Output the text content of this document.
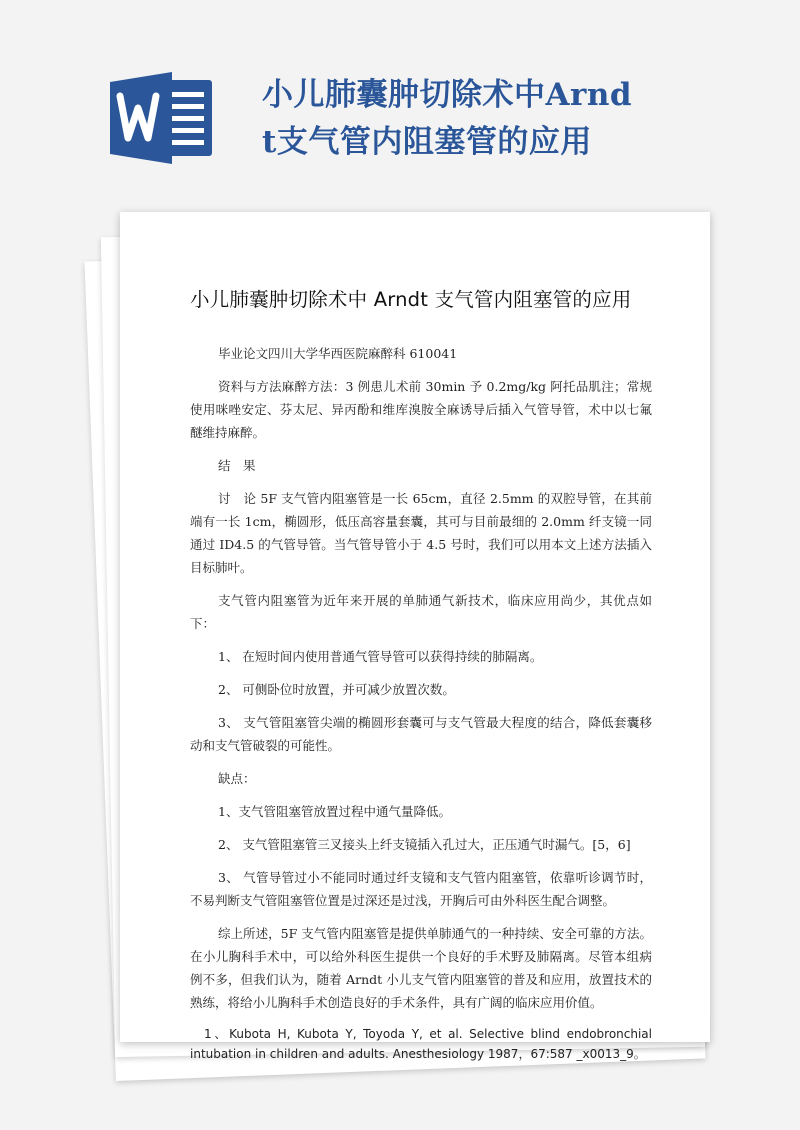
小儿肺囊肿切除术中Arndt支气管内阻塞管的应用
小儿肺囊肿切除术中 Arndt 支气管内阻塞管的应用
毕业论文四川大学华西医院麻醉科 610041
资料与方法麻醉方法：3 例患儿术前 30min 予 0.2mg/kg 阿托品肌注；常规使用咪唑安定、芬太尼、异丙酚和维库溴胺全麻诱导后插入气管导管，术中以七氟醚维持麻醉。
结　果
讨　论 5F 支气管内阻塞管是一长 65cm，直径 2.5mm 的双腔导管，在其前端有一长 1cm，椭圆形，低压高容量套囊，其可与目前最细的 2.0mm 纤支镜一同通过 ID4.5 的气管导管。当气管导管小于 4.5 号时，我们可以用本文上述方法插入目标肺叶。
支气管内阻塞管为近年来开展的单肺通气新技术，临床应用尚少，其优点如下：
1、 在短时间内使用普通气管导管可以获得持续的肺隔离。
2、 可侧卧位时放置，并可减少放置次数。
3、 支气管阻塞管尖端的椭圆形套囊可与支气管最大程度的结合，降低套囊移动和支气管破裂的可能性。
缺点：
1、支气管阻塞管放置过程中通气量降低。
2、 支气管阻塞管三叉接头上纤支镜插入孔过大，正压通气时漏气。[5，6]
3、 气管导管过小不能同时通过纤支镜和支气管内阻塞管，依靠听诊调节时，不易判断支气管阻塞管位置是过深还是过浅，开胸后可由外科医生配合调整。
综上所述，5F 支气管内阻塞管是提供单肺通气的一种持续、安全可靠的方法。在小儿胸科手术中，可以给外科医生提供一个良好的手术野及肺隔离。尽管本组病例不多，但我们认为，随着 Arndt 小儿支气管内阻塞管的普及和应用，放置技术的熟练，将给小儿胸科手术创造良好的手术条件，具有广阔的临床应用价值。
1、Kubota H, Kubota Y, Toyoda Y, et al. Selective blind endobronchial intubation in children and adults. Anesthesiology 1987，67:587 _x0013_9。
